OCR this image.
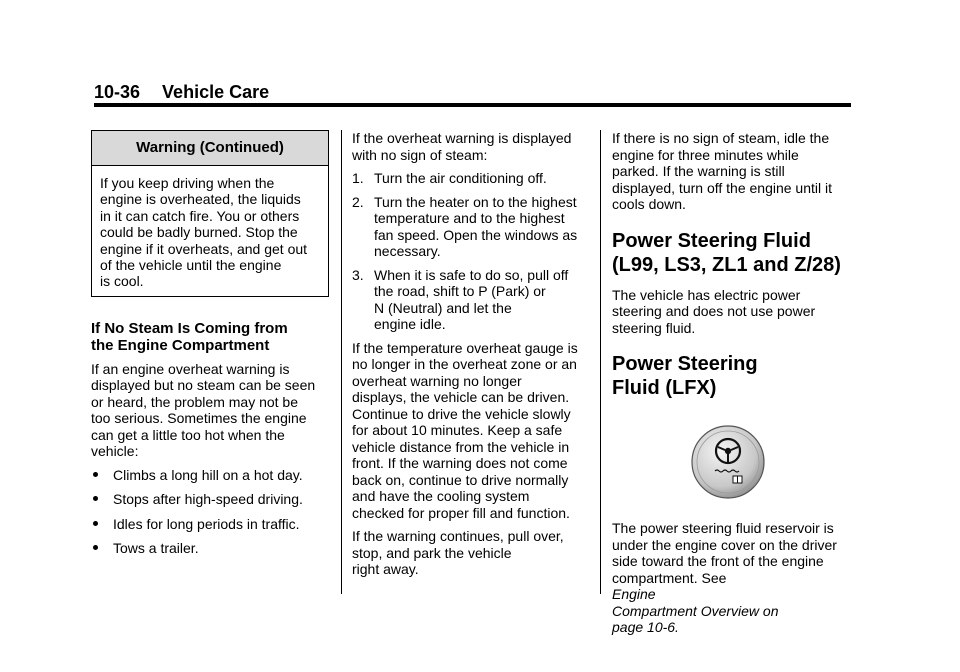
10-36 Vehicle Care
Warning (Continued)
If you keep driving when the
engine is overheated, the liquids
in it can catch fire. You or others
could be badly burned. Stop the
engine if it overheats, and get out
of the vehicle until the engine
is cool.
If No Steam Is Coming from
the Engine Compartment
If an engine overheat warning is
displayed but no steam can be seen
or heard, the problem may not be
too serious. Sometimes the engine
can get a little too hot when the
vehicle:
Climbs a long hill on a hot day.
Stops after high-speed driving.
Idles for long periods in traffic.
Tows a trailer.
If the overheat warning is displayed
with no sign of steam:
1. Turn the air conditioning off.
2. Turn the heater on to the highest
temperature and to the highest
fan speed. Open the windows as
necessary.
3. When it is safe to do so, pull off
the road, shift to P (Park) or
N (Neutral) and let the
engine idle.
If the temperature overheat gauge is
no longer in the overheat zone or an
overheat warning no longer
displays, the vehicle can be driven.
Continue to drive the vehicle slowly
for about 10 minutes. Keep a safe
vehicle distance from the vehicle in
front. If the warning does not come
back on, continue to drive normally
and have the cooling system
checked for proper fill and function.
If the warning continues, pull over,
stop, and park the vehicle
right away.
If there is no sign of steam, idle the
engine for three minutes while
parked. If the warning is still
displayed, turn off the engine until it
cools down.
Power Steering Fluid
(L99, LS3, ZL1 and Z/28)
The vehicle has electric power
steering and does not use power
steering fluid.
Power Steering
Fluid (LFX)
The power steering fluid reservoir is
under the engine cover on the driver
side toward the front of the engine
compartment. See
Engine
Compartment Overview on
page 10-6.
